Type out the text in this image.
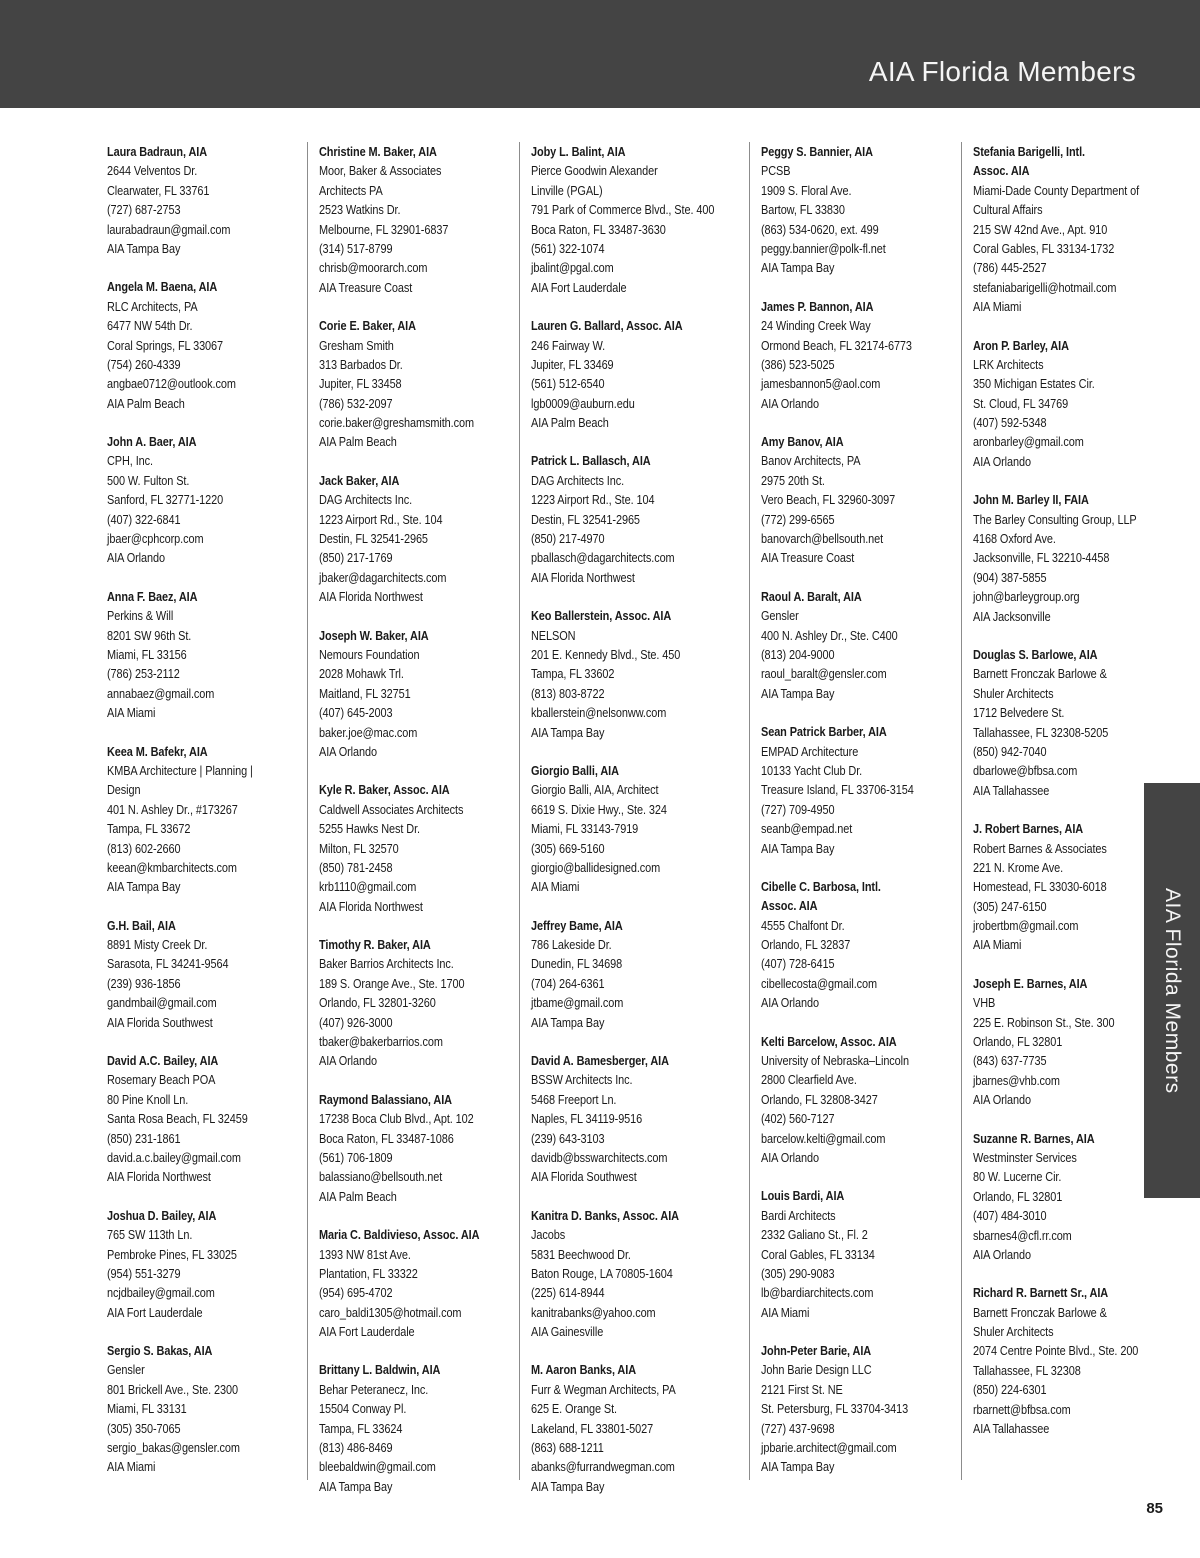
AIA Florida Members
Laura Badraun, AIA
2644 Velventos Dr.
Clearwater, FL 33761
(727) 687-2753
laurabadraun@gmail.com
AIA Tampa Bay
Angela M. Baena, AIA
RLC Architects, PA
6477 NW 54th Dr.
Coral Springs, FL 33067
(754) 260-4339
angbae0712@outlook.com
AIA Palm Beach
John A. Baer, AIA
CPH, Inc.
500 W. Fulton St.
Sanford, FL 32771-1220
(407) 322-6841
jbaer@cphcorp.com
AIA Orlando
Anna F. Baez, AIA
Perkins & Will
8201 SW 96th St.
Miami, FL 33156
(786) 253-2112
annabaez@gmail.com
AIA Miami
Keea M. Bafekr, AIA
KMBA Architecture | Planning |
Design
401 N. Ashley Dr., #173267
Tampa, FL 33672
(813) 602-2660
keean@kmbarchitects.com
AIA Tampa Bay
G.H. Bail, AIA
8891 Misty Creek Dr.
Sarasota, FL 34241-9564
(239) 936-1856
gandmbail@gmail.com
AIA Florida Southwest
David A.C. Bailey, AIA
Rosemary Beach POA
80 Pine Knoll Ln.
Santa Rosa Beach, FL 32459
(850) 231-1861
david.a.c.bailey@gmail.com
AIA Florida Northwest
Joshua D. Bailey, AIA
765 SW 113th Ln.
Pembroke Pines, FL 33025
(954) 551-3279
ncjdbailey@gmail.com
AIA Fort Lauderdale
Sergio S. Bakas, AIA
Gensler
801 Brickell Ave., Ste. 2300
Miami, FL 33131
(305) 350-7065
sergio_bakas@gensler.com
AIA Miami
Christine M. Baker, AIA
Moor, Baker & Associates
Architects PA
2523 Watkins Dr.
Melbourne, FL 32901-6837
(314) 517-8799
chrisb@moorarch.com
AIA Treasure Coast
Corie E. Baker, AIA
Gresham Smith
313 Barbados Dr.
Jupiter, FL 33458
(786) 532-2097
corie.baker@greshamsmith.com
AIA Palm Beach
Jack Baker, AIA
DAG Architects Inc.
1223 Airport Rd., Ste. 104
Destin, FL 32541-2965
(850) 217-1769
jbaker@dagarchitects.com
AIA Florida Northwest
Joseph W. Baker, AIA
Nemours Foundation
2028 Mohawk Trl.
Maitland, FL 32751
(407) 645-2003
baker.joe@mac.com
AIA Orlando
Kyle R. Baker, Assoc. AIA
Caldwell Associates Architects
5255 Hawks Nest Dr.
Milton, FL 32570
(850) 781-2458
krb1110@gmail.com
AIA Florida Northwest
Timothy R. Baker, AIA
Baker Barrios Architects Inc.
189 S. Orange Ave., Ste. 1700
Orlando, FL 32801-3260
(407) 926-3000
tbaker@bakerbarrios.com
AIA Orlando
Raymond Balassiano, AIA
17238 Boca Club Blvd., Apt. 102
Boca Raton, FL 33487-1086
(561) 706-1809
balassiano@bellsouth.net
AIA Palm Beach
Maria C. Baldivieso, Assoc. AIA
1393 NW 81st Ave.
Plantation, FL 33322
(954) 695-4702
caro_baldi1305@hotmail.com
AIA Fort Lauderdale
Brittany L. Baldwin, AIA
Behar Peteranecz, Inc.
15504 Conway Pl.
Tampa, FL 33624
(813) 486-8469
bleebaldwin@gmail.com
AIA Tampa Bay
Joby L. Balint, AIA
Pierce Goodwin Alexander
Linville (PGAL)
791 Park of Commerce Blvd., Ste. 400
Boca Raton, FL 33487-3630
(561) 322-1074
jbalint@pgal.com
AIA Fort Lauderdale
Lauren G. Ballard, Assoc. AIA
246 Fairway W.
Jupiter, FL 33469
(561) 512-6540
lgb0009@auburn.edu
AIA Palm Beach
Patrick L. Ballasch, AIA
DAG Architects Inc.
1223 Airport Rd., Ste. 104
Destin, FL 32541-2965
(850) 217-4970
pballasch@dagarchitects.com
AIA Florida Northwest
Keo Ballerstein, Assoc. AIA
NELSON
201 E. Kennedy Blvd., Ste. 450
Tampa, FL 33602
(813) 803-8722
kballerstein@nelsonww.com
AIA Tampa Bay
Giorgio Balli, AIA
Giorgio Balli, AIA, Architect
6619 S. Dixie Hwy., Ste. 324
Miami, FL 33143-7919
(305) 669-5160
giorgio@ballidesigned.com
AIA Miami
Jeffrey Bame, AIA
786 Lakeside Dr.
Dunedin, FL 34698
(704) 264-6361
jtbame@gmail.com
AIA Tampa Bay
David A. Bamesberger, AIA
BSSW Architects Inc.
5468 Freeport Ln.
Naples, FL 34119-9516
(239) 643-3103
davidb@bsswarchitects.com
AIA Florida Southwest
Kanitra D. Banks, Assoc. AIA
Jacobs
5831 Beechwood Dr.
Baton Rouge, LA 70805-1604
(225) 614-8944
kanitrabanks@yahoo.com
AIA Gainesville
M. Aaron Banks, AIA
Furr & Wegman Architects, PA
625 E. Orange St.
Lakeland, FL 33801-5027
(863) 688-1211
abanks@furrandwegman.com
AIA Tampa Bay
Peggy S. Bannier, AIA
PCSB
1909 S. Floral Ave.
Bartow, FL 33830
(863) 534-0620, ext. 499
peggy.bannier@polk-fl.net
AIA Tampa Bay
James P. Bannon, AIA
24 Winding Creek Way
Ormond Beach, FL 32174-6773
(386) 523-5025
jamesbannon5@aol.com
AIA Orlando
Amy Banov, AIA
Banov Architects, PA
2975 20th St.
Vero Beach, FL 32960-3097
(772) 299-6565
banovarch@bellsouth.net
AIA Treasure Coast
Raoul A. Baralt, AIA
Gensler
400 N. Ashley Dr., Ste. C400
(813) 204-9000
raoul_baralt@gensler.com
AIA Tampa Bay
Sean Patrick Barber, AIA
EMPAD Architecture
10133 Yacht Club Dr.
Treasure Island, FL 33706-3154
(727) 709-4950
seanb@empad.net
AIA Tampa Bay
Cibelle C. Barbosa, Intl.
Assoc. AIA
4555 Chalfont Dr.
Orlando, FL 32837
(407) 728-6415
cibellecosta@gmail.com
AIA Orlando
Kelti Barcelow, Assoc. AIA
University of Nebraska–Lincoln
2800 Clearfield Ave.
Orlando, FL 32808-3427
(402) 560-7127
barcelow.kelti@gmail.com
AIA Orlando
Louis Bardi, AIA
Bardi Architects
2332 Galiano St., Fl. 2
Coral Gables, FL 33134
(305) 290-9083
lb@bardiarchitects.com
AIA Miami
John-Peter Barie, AIA
John Barie Design LLC
2121 First St. NE
St. Petersburg, FL 33704-3413
(727) 437-9698
jpbarie.architect@gmail.com
AIA Tampa Bay
Stefania Barigelli, Intl.
Assoc. AIA
Miami-Dade County Department of
Cultural Affairs
215 SW 42nd Ave., Apt. 910
Coral Gables, FL 33134-1732
(786) 445-2527
stefaniabarigelli@hotmail.com
AIA Miami
Aron P. Barley, AIA
LRK Architects
350 Michigan Estates Cir.
St. Cloud, FL 34769
(407) 592-5348
aronbarley@gmail.com
AIA Orlando
John M. Barley II, FAIA
The Barley Consulting Group, LLP
4168 Oxford Ave.
Jacksonville, FL 32210-4458
(904) 387-5855
john@barleygroup.org
AIA Jacksonville
Douglas S. Barlowe, AIA
Barnett Fronczak Barlowe &
Shuler Architects
1712 Belvedere St.
Tallahassee, FL 32308-5205
(850) 942-7040
dbarlowe@bfbsa.com
AIA Tallahassee
J. Robert Barnes, AIA
Robert Barnes & Associates
221 N. Krome Ave.
Homestead, FL 33030-6018
(305) 247-6150
jrobertbm@gmail.com
AIA Miami
Joseph E. Barnes, AIA
VHB
225 E. Robinson St., Ste. 300
Orlando, FL 32801
(843) 637-7735
jbarnes@vhb.com
AIA Orlando
Suzanne R. Barnes, AIA
Westminster Services
80 W. Lucerne Cir.
Orlando, FL 32801
(407) 484-3010
sbarnes4@cfl.rr.com
AIA Orlando
Richard R. Barnett Sr., AIA
Barnett Fronczak Barlowe &
Shuler Architects
2074 Centre Pointe Blvd., Ste. 200
Tallahassee, FL 32308
(850) 224-6301
rbarnett@bfbsa.com
AIA Tallahassee
AIA Florida Members
85
